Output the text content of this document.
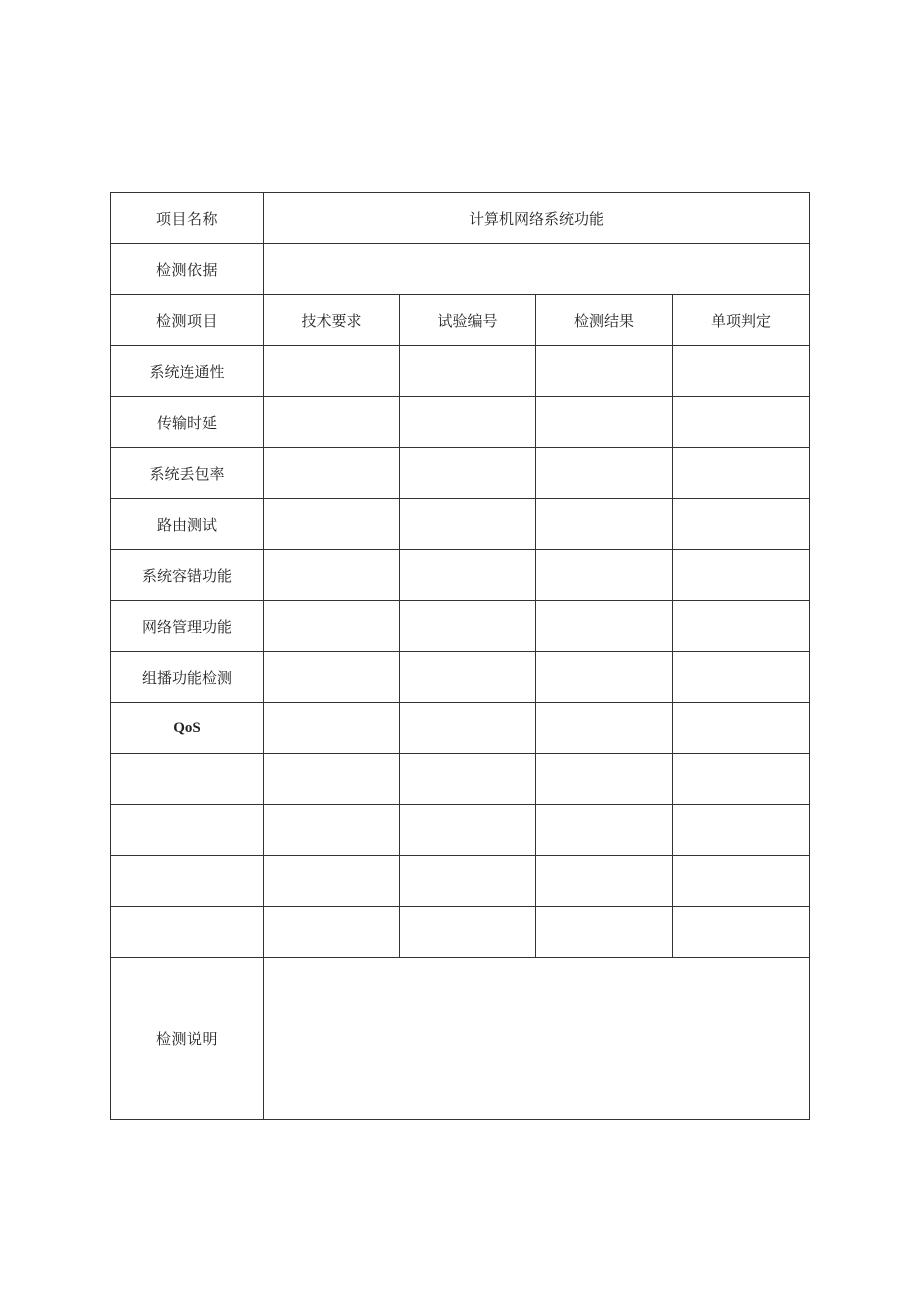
项目名称	计算机网络系统功能			
检测依据				
检测项目	技术要求	试验编号	检测结果	单项判定
系统连通性				
传输时延				
系统丢包率				
路由测试				
系统容错功能				
网络管理功能				
组播功能检测				
QoS				

检测说明				
